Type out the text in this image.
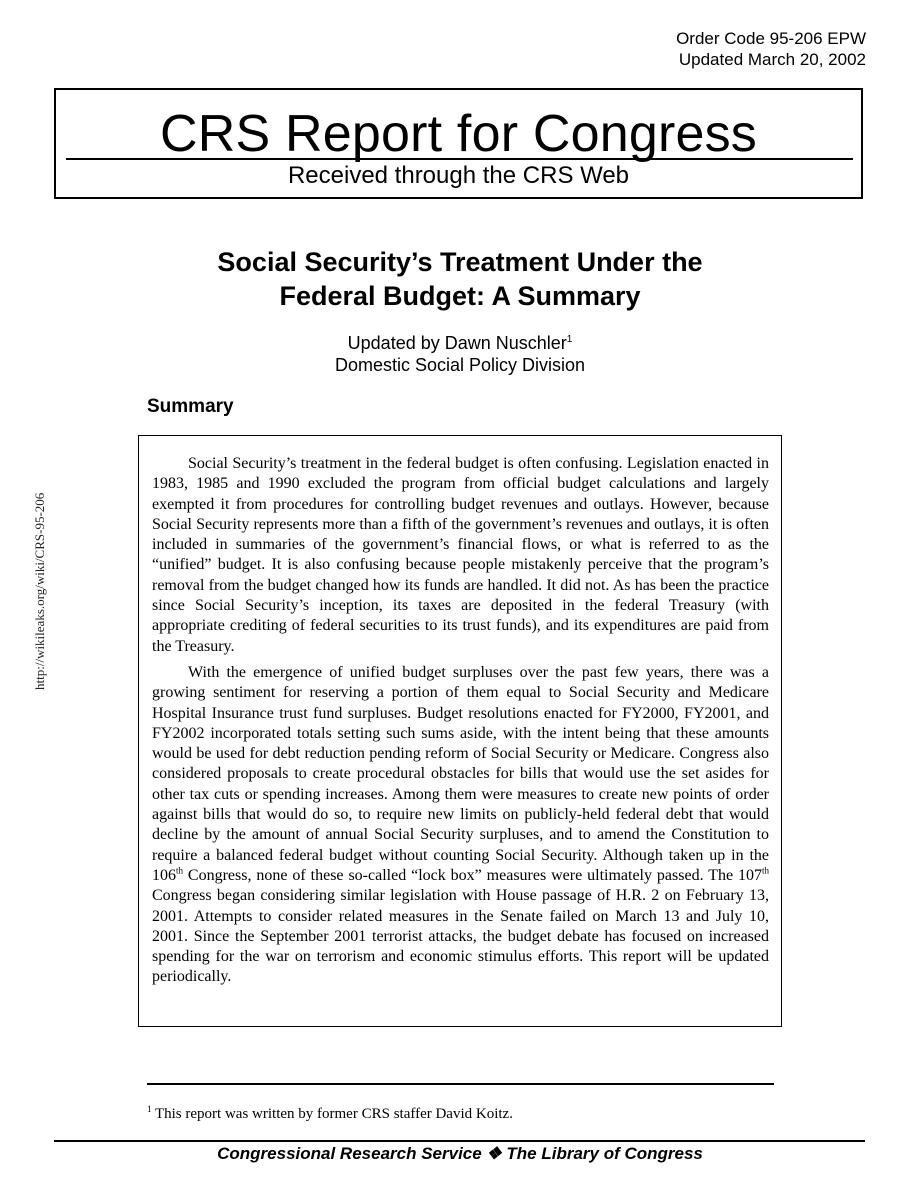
Order Code 95-206 EPW
Updated March 20, 2002
CRS Report for Congress
Received through the CRS Web
Social Security’s Treatment Under the
Federal Budget: A Summary
Updated by Dawn Nuschler$^1$
Domestic Social Policy Division
Summary

Social Security’s treatment in the federal budget is often confusing. Legislation enacted in 1983, 1985 and 1990 excluded the program from official budget calculations and largely exempted it from procedures for controlling budget revenues and outlays. However, because Social Security represents more than a fifth of the government’s revenues and outlays, it is often included in summaries of the government’s financial flows, or what is referred to as the “unified” budget. It is also confusing because people mistakenly perceive that the program’s removal from the budget changed how its funds are handled. It did not. As has been the practice since Social Security’s inception, its taxes are deposited in the federal Treasury (with appropriate crediting of federal securities to its trust funds), and its expenditures are paid from the Treasury.

With the emergence of unified budget surpluses over the past few years, there was a growing sentiment for reserving a portion of them equal to Social Security and Medicare Hospital Insurance trust fund surpluses. Budget resolutions enacted for FY2000, FY2001, and FY2002 incorporated totals setting such sums aside, with the intent being that these amounts would be used for debt reduction pending reform of Social Security or Medicare. Congress also considered proposals to create procedural obstacles for bills that would use the set asides for other tax cuts or spending increases. Among them were measures to create new points of order against bills that would do so, to require new limits on publicly-held federal debt that would decline by the amount of annual Social Security surpluses, and to amend the Constitution to require a balanced federal budget without counting Social Security. Although taken up in the 106th Congress, none of these so-called “lock box” measures were ultimately passed. The 107th Congress began considering similar legislation with House passage of H.R. 2 on February 13, 2001. Attempts to consider related measures in the Senate failed on March 13 and July 10, 2001. Since the September 2001 terrorist attacks, the budget debate has focused on increased spending for the war on terrorism and economic stimulus efforts. This report will be updated periodically.

http://wikileaks.org/wiki/CRS-95-206
$^1$ This report was written by former CRS staffer David Koitz.
Congressional Research Service ❖ The Library of Congress
